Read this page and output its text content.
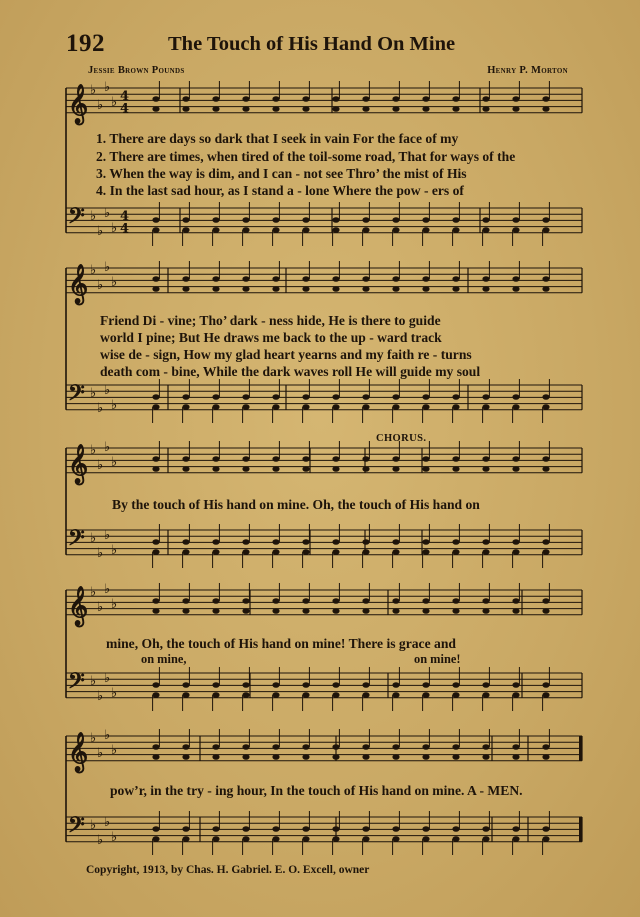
192	The Touch of His Hand On Mine
Jessie Brown Pounds	Henry P. Morton
𝄞 ♭
♭
♭
♭ 4
4
𝄢 ♭
♭
♭
♭
4
4
𝄞 ♭
♭
♭
♭
𝄢 ♭
♭
♭
♭
𝄞 ♭
♭
♭
♭
𝄢 ♭
♭
♭
♭
𝄞 ♭
♭
♭
♭
𝄢 ♭
♭
♭
♭
𝄞 ♭
♭
♭
♭
𝄢 ♭
♭
♭
♭
1. There are days so dark that I seek in vain For the face of my
2. There are times, when tired of the toil-some road, That for ways of the
3. When the way is dim, and I can - not see Thro’ the mist of His
4. In the last sad hour, as I stand a - lone Where the pow - ers of
Friend Di - vine; Tho’ dark - ness hide, He is there to guide
world I pine; But He draws me back to the up - ward track
wise de - sign, How my glad heart yearns and my faith re - turns
death com - bine, While the dark waves roll He will guide my soul
CHORUS.
By the touch of His hand on mine. Oh, the touch of His hand on
mine, Oh, the touch of His hand on mine! There is grace and
on mine,	on mine!
pow’r, in the try - ing hour, In the touch of His hand on mine. A - MEN.
Copyright, 1913, by Chas. H. Gabriel. E. O. Excell, owner
